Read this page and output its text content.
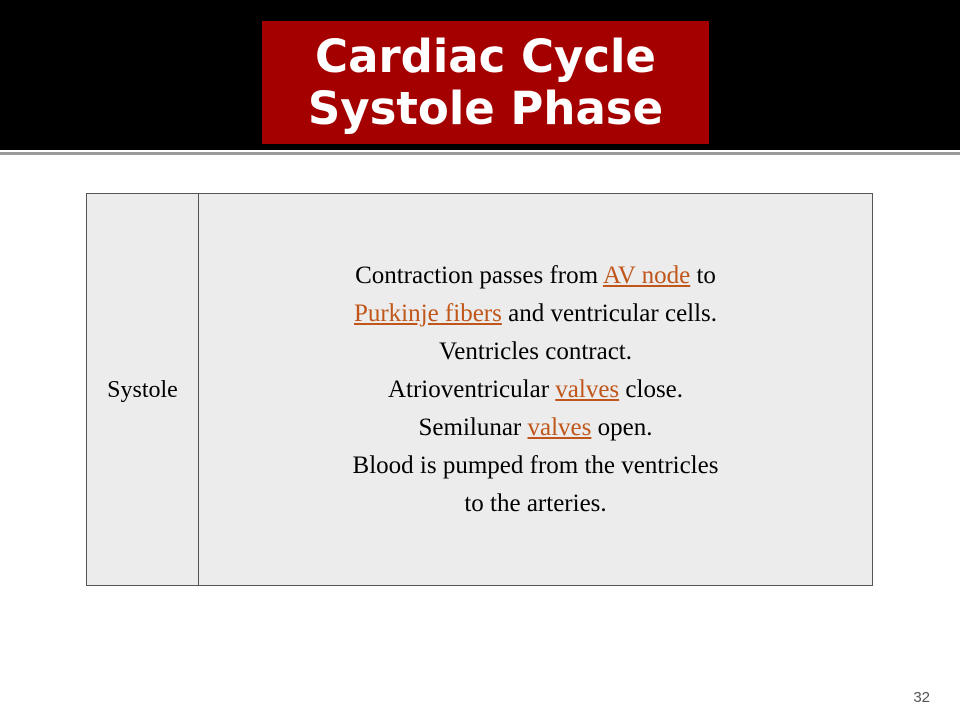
Cardiac Cycle
Systole Phase
Systole
Contraction passes from AV node to
Purkinje fibers and ventricular cells.
Ventricles contract.
Atrioventricular valves close.
Semilunar valves open.
Blood is pumped from the ventricles
to the arteries.
32
